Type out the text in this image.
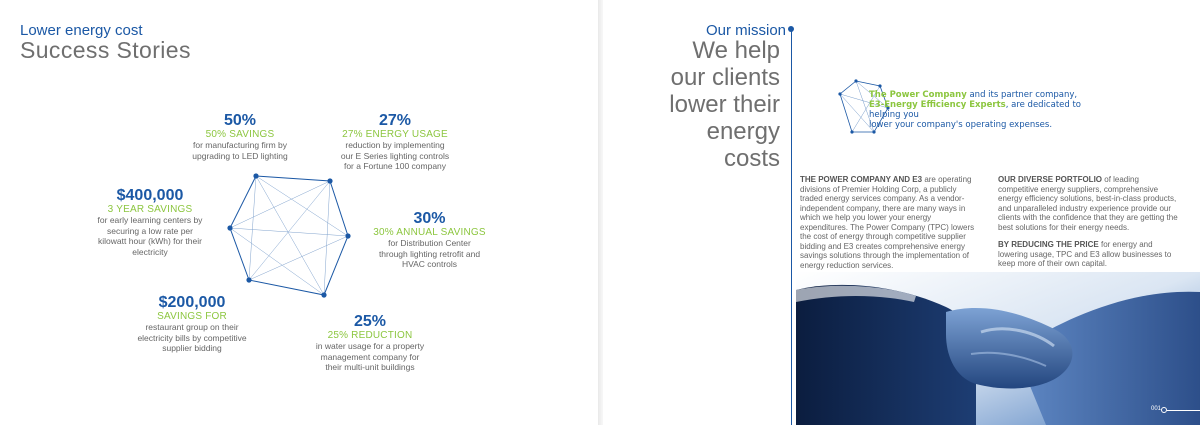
Lower energy cost
Success Stories
50%
50% SAVINGS
for manufacturing firm by
upgrading to LED lighting
27%
27% ENERGY USAGE
reduction by implementing
our E Series lighting controls
for a Fortune 100 company
$400,000
3 YEAR SAVINGS
for early learning centers by
securing a low rate per
kilowatt hour (kWh) for their
electricity
30%
30% ANNUAL SAVINGS
for Distribution Center
through lighting retrofit and
HVAC controls
$200,000
SAVINGS FOR
restaurant group on their
electricity bills by competitive
supplier bidding
25%
25% REDUCTION
in water usage for a property
management company for
their multi-unit buildings
Our mission
We help
our clients
lower their
energy
costs
The Power Company and its partner company,
E3-Energy Efficiency Experts, are dedicated to helping you
lower your company's operating expenses.

THE POWER COMPANY AND E3 are operating divisions of Premier Holding Corp, a publicly traded energy services company. As a vendor-independent company, there are many ways in which we help you lower your energy expenditures. The Power Company (TPC) lowers the cost of energy through competitive supplier bidding and E3 creates comprehensive energy savings solutions through the implementation of energy reduction services.

OUR DIVERSE PORTFOLIO of leading competitive energy suppliers, comprehensive energy efficiency solutions, best-in-class products, and unparalleled industry experience provide our clients with the confidence that they are getting the best solutions for their energy needs.

BY REDUCING THE PRICE for energy and lowering usage, TPC and E3 allow businesses to keep more of their own capital.

001
